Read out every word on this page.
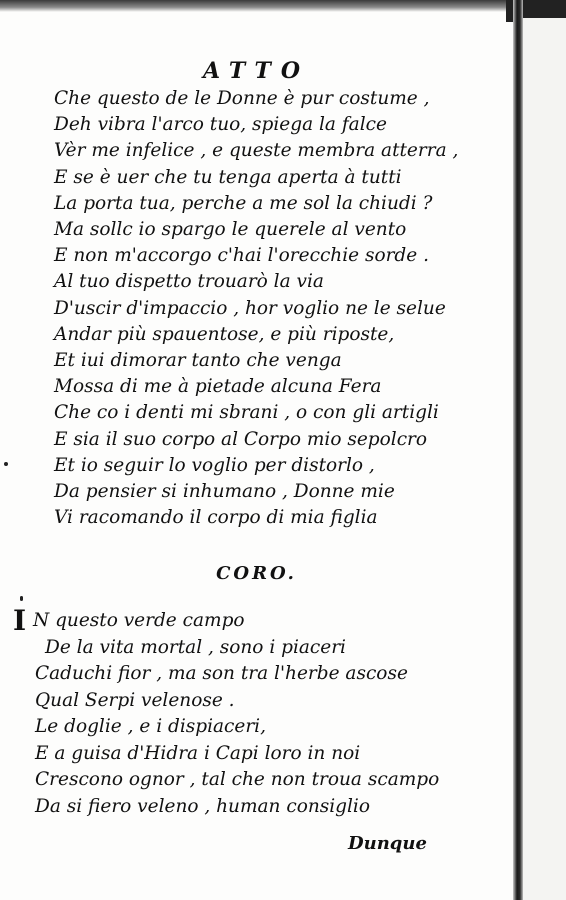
ATTO
Che questo de le Donne è pur costume ,
Deh vibra l'arco tuo, spiega la falce
Vèr me infelice , e queste membra atterra ,
E se è uer che tu tenga aperta à tutti
La porta tua, perche a me sol la chiudi ?
Ma sollc io spargo le querele al vento
E non m'accorgo c'hai l'orecchie sorde .
Al tuo dispetto trouarò la via
D'uscir d'impaccio , hor voglio ne le selue
Andar più spauentose, e più riposte,
Et iui dimorar tanto che venga
Mossa di me à pietade alcuna Fera
Che co i denti mi sbrani , o con gli artigli
E sia il suo corpo al Corpo mio sepolcro
Et io seguir lo voglio per distorlo ,
Da pensier si inhumano , Donne mie
Vi racomando il corpo di mia figlia
CORO.
I N questo verde campo
De la vita mortal , sono i piaceri
Caduchi fior , ma son tra l'herbe ascose
Qual Serpi velenose .
Le doglie , e i dispiaceri,
E a guisa d'Hidra i Capi loro in noi
Crescono ognor , tal che non troua scampo
Da si fiero veleno , human consiglio
Dunque
